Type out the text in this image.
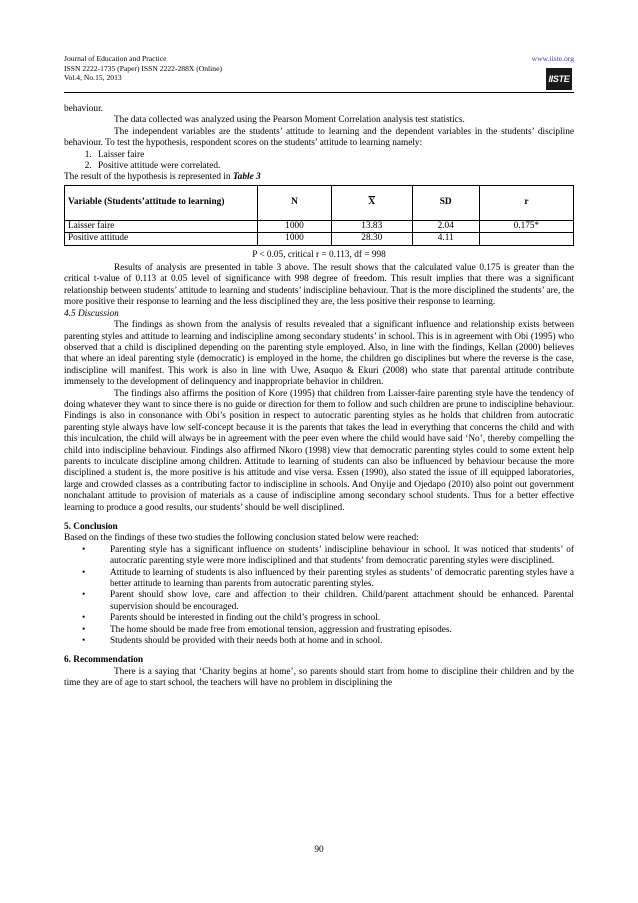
Journal of Education and Practice
ISSN 2222-1735 (Paper) ISSN 2222-288X (Online)
Vol.4, No.15, 2013
www.iiste.org
IISTE

behaviour.

The data collected was analyzed using the Pearson Moment Correlation analysis test statistics.

The independent variables are the students’ attitude to learning and the dependent variables in the students’ discipline behaviour. To test the hypothesis, respondent scores on the students’ attitude to learning namely:

1. Laisser faire
2. Positive attitude were correlated.

The result of the hypothesis is represented in Table 3

Variable (Students’attitude to learning)	N	$\overline{X}$	SD	r
Laisser faire	1000	13.83	2.04	0.175*
Positive attitude	1000	28.30	4.11	

P < 0.05, critical r = 0.113, df = 998

Results of analysis are presented in table 3 above. The result shows that the calculated value 0.175 is greater than the critical t-value of 0.113 at 0.05 level of significance with 998 degree of freedom. This result implies that there was a significant relationship between students’ attitude to learning and students’ indiscipline behaviour. That is the more disciplined the students’ are, the more positive their response to learning and the less disciplined they are, the less positive their response to learning.

4.5 Discussion

The findings as shown from the analysis of results revealed that a significant influence and relationship exists between parenting styles and attitude to learning and indiscipline among secondary students’ in school. This is in agreement with Obi (1995) who observed that a child is disciplined depending on the parenting style employed. Also, in line with the findings, Kellan (2000) believes that where an ideal parenting style (democratic) is employed in the home, the children go disciplines but where the reverse is the case, indiscipline will manifest. This work is also in line with Uwe, Asuquo & Ekuri (2008) who state that parental attitude contribute immensely to the development of delinquency and inappropriate behavior in children.

The findings also affirms the position of Kore (1995) that children from Laisser-faire parenting style have the tendency of doing whatever they want to since there is no guide or direction for them to follow and such children are prune to indiscipline behaviour. Findings is also in consonance with Obi’s position in respect to autocratic parenting styles as he holds that children from autocratic parenting style always have low self-concept because it is the parents that takes the lead in everything that concerns the child and with this inculcation, the child will always be in agreement with the peer even where the child would have said ‘No’, thereby compelling the child into indiscipline behaviour. Findings also affirmed Nkoro (1998) view that democratic parenting styles could to some extent help parents to inculcate discipline among children. Attitude to learning of students can also be influenced by behaviour because the more disciplined a student is, the more positive is his attitude and vise versa. Essen (1990), also stated the issue of ill equipped laboratories, large and crowded classes as a contributing factor to indiscipline in schools. And Onyije and Ojedapo (2010) also point out government nonchalant attitude to provision of materials as a cause of indiscipline among secondary school students. Thus for a better effective learning to produce a good results, our students’ should be well disciplined.

5. Conclusion

Based on the findings of these two studies the following conclusion stated below were reached:

• Parenting style has a significant influence on students’ indiscipline behaviour in school. It was noticed that students’ of autocratic parenting style were more indisciplined and that students’ from democratic parenting styles were disciplined.
• Attitude to learning of students is also influenced by their parenting styles as students’ of democratic parenting styles have a better attitude to learning than parents from autocratic parenting styles.
• Parent should show love, care and affection to their children. Child/parent attachment should be enhanced. Parental supervision should be encouraged.
• Parents should be interested in finding out the child’s progress in school.
• The home should be made free from emotional tension, aggression and frustrating episodes.
• Students should be provided with their needs both at home and in school.
6. Recommendation

There is a saying that ‘Charity begins at home’, so parents should start from home to discipline their children and by the time they are of age to start school, the teachers will have no problem in disciplining the

90
